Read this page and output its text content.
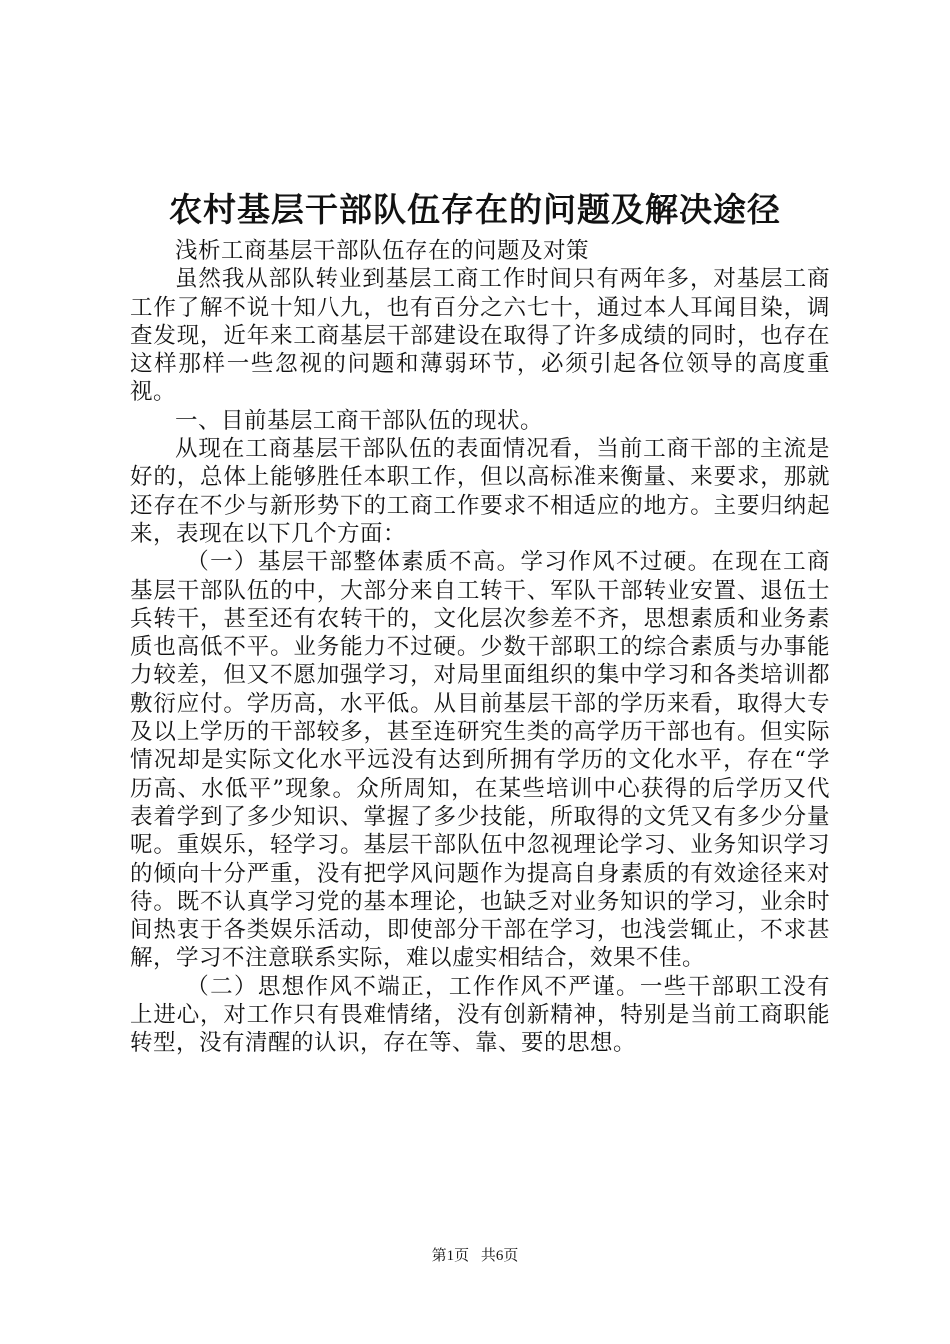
农村基层干部队伍存在的问题及解决途径

浅析工商基层干部队伍存在的问题及对策

虽然我从部队转业到基层工商工作时间只有两年多，对基层工商工作了解不说十知八九，也有百分之六七十，通过本人耳闻目染，调查发现，近年来工商基层干部建设在取得了许多成绩的同时，也存在这样那样一些忽视的问题和薄弱环节，必须引起各位领导的高度重视。

一、目前基层工商干部队伍的现状。

从现在工商基层干部队伍的表面情况看，当前工商干部的主流是好的，总体上能够胜任本职工作，但以高标准来衡量、来要求，那就还存在不少与新形势下的工商工作要求不相适应的地方。主要归纳起来，表现在以下几个方面：

（一）基层干部整体素质不高。学习作风不过硬。在现在工商基层干部队伍的中，大部分来自工转干、军队干部转业安置、退伍士兵转干，甚至还有农转干的，文化层次参差不齐，思想素质和业务素质也高低不平。业务能力不过硬。少数干部职工的综合素质与办事能力较差，但又不愿加强学习，对局里面组织的集中学习和各类培训都敷衍应付。学历高，水平低。从目前基层干部的学历来看，取得大专及以上学历的干部较多，甚至连研究生类的高学历干部也有。但实际情况却是实际文化水平远没有达到所拥有学历的文化水平，存在“学历高、水低平”现象。众所周知，在某些培训中心获得的后学历又代表着学到了多少知识、掌握了多少技能，所取得的文凭又有多少分量呢。重娱乐，轻学习。基层干部队伍中忽视理论学习、业务知识学习的倾向十分严重，没有把学风问题作为提高自身素质的有效途径来对待。既不认真学习党的基本理论，也缺乏对业务知识的学习，业余时间热衷于各类娱乐活动，即使部分干部在学习，也浅尝辄止，不求甚解，学习不注意联系实际，难以虚实相结合，效果不佳。

（二）思想作风不端正，工作作风不严谨。一些干部职工没有上进心，对工作只有畏难情绪，没有创新精神，特别是当前工商职能转型，没有清醒的认识，存在等、靠、要的思想。

第1页 共6页
